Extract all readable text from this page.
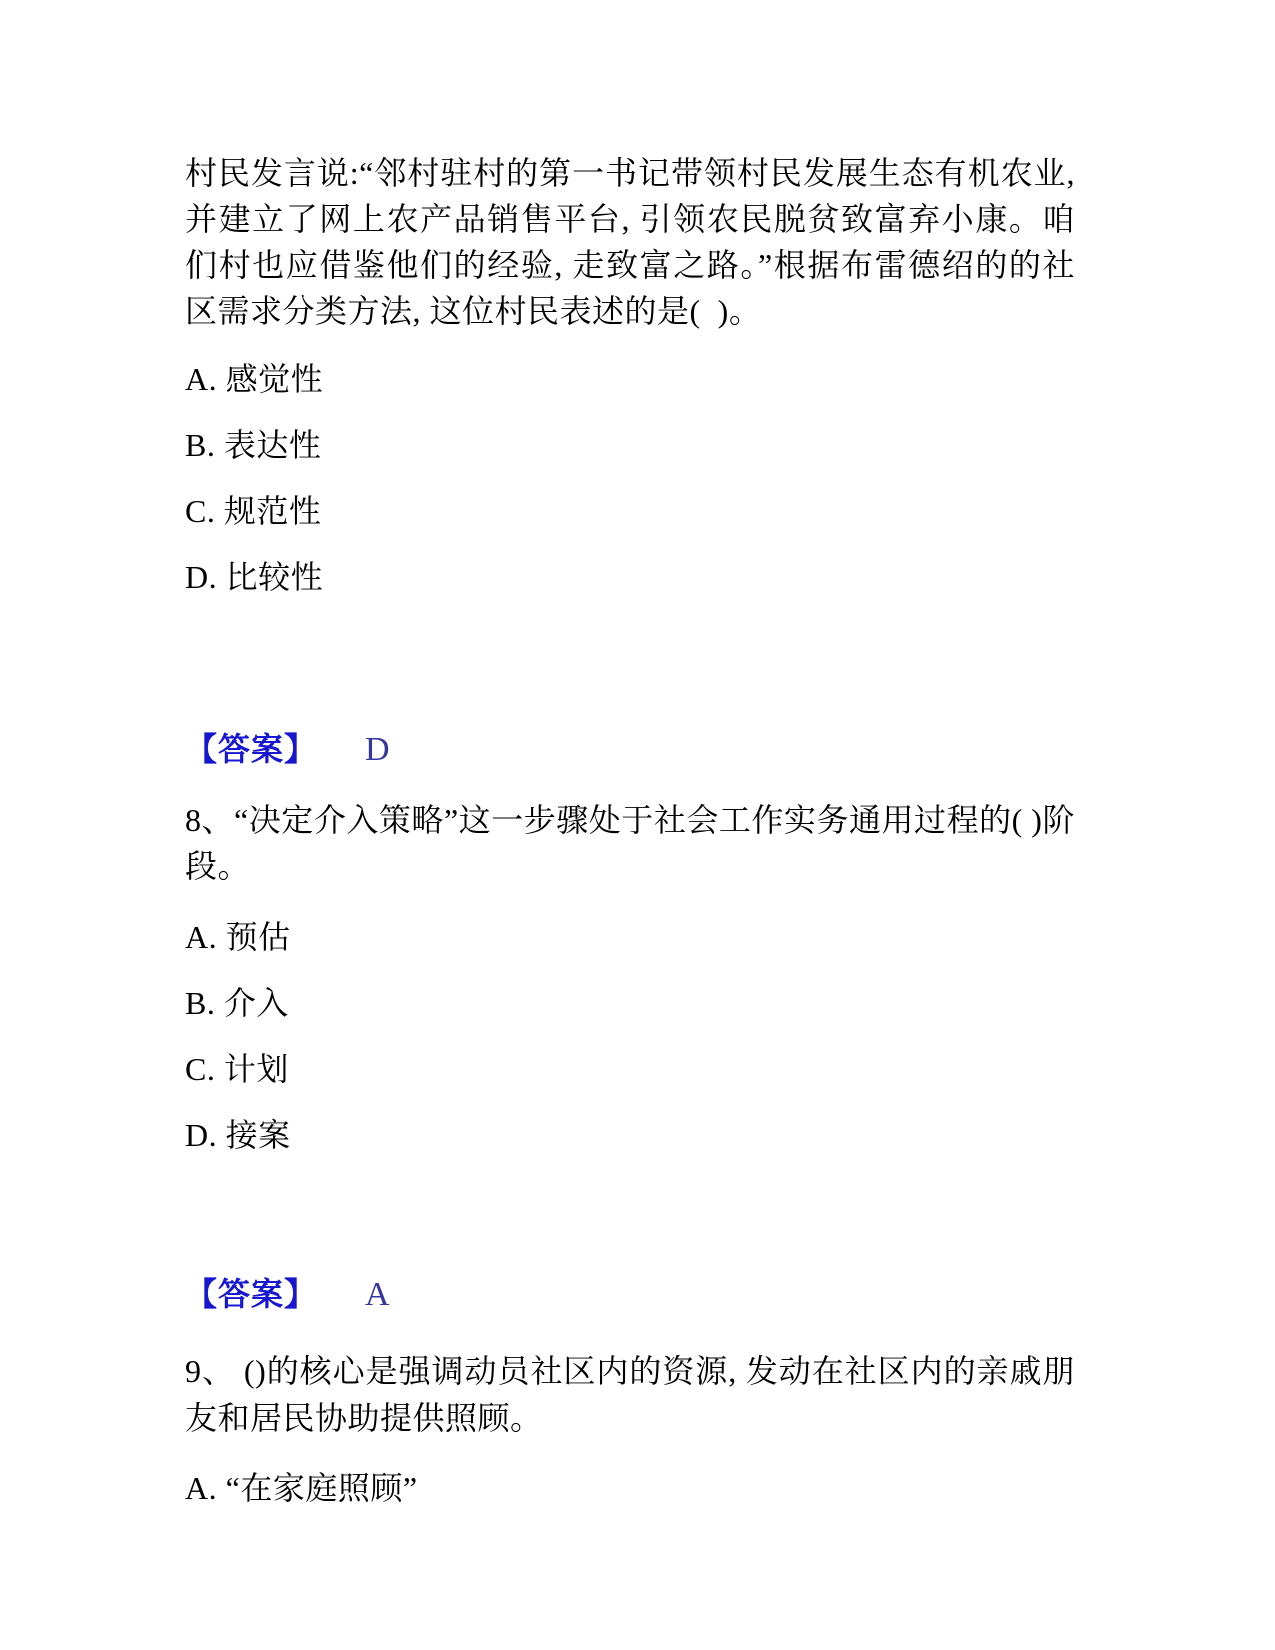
村民发言说:“邻村驻村的第一书记带领村民发展生态有机农业, 并建立了网上农产品销售平台, 引领农民脱贫致富弃小康。咱们村也应借鉴他们的经验, 走致富之路。”根据布雷德绍的的社区需求分类方法, 这位村民表述的是(  )。

A. 感觉性

B. 表达性

C. 规范性

D. 比较性

【答案】 D

8、“决定介入策略”这一步骤处于社会工作实务通用过程的( )阶段。

A. 预估

B. 介入

C. 计划

D. 接案

【答案】 A

9、 ()的核心是强调动员社区内的资源, 发动在社区内的亲戚朋友和居民协助提供照顾。

A. “在家庭照顾”
